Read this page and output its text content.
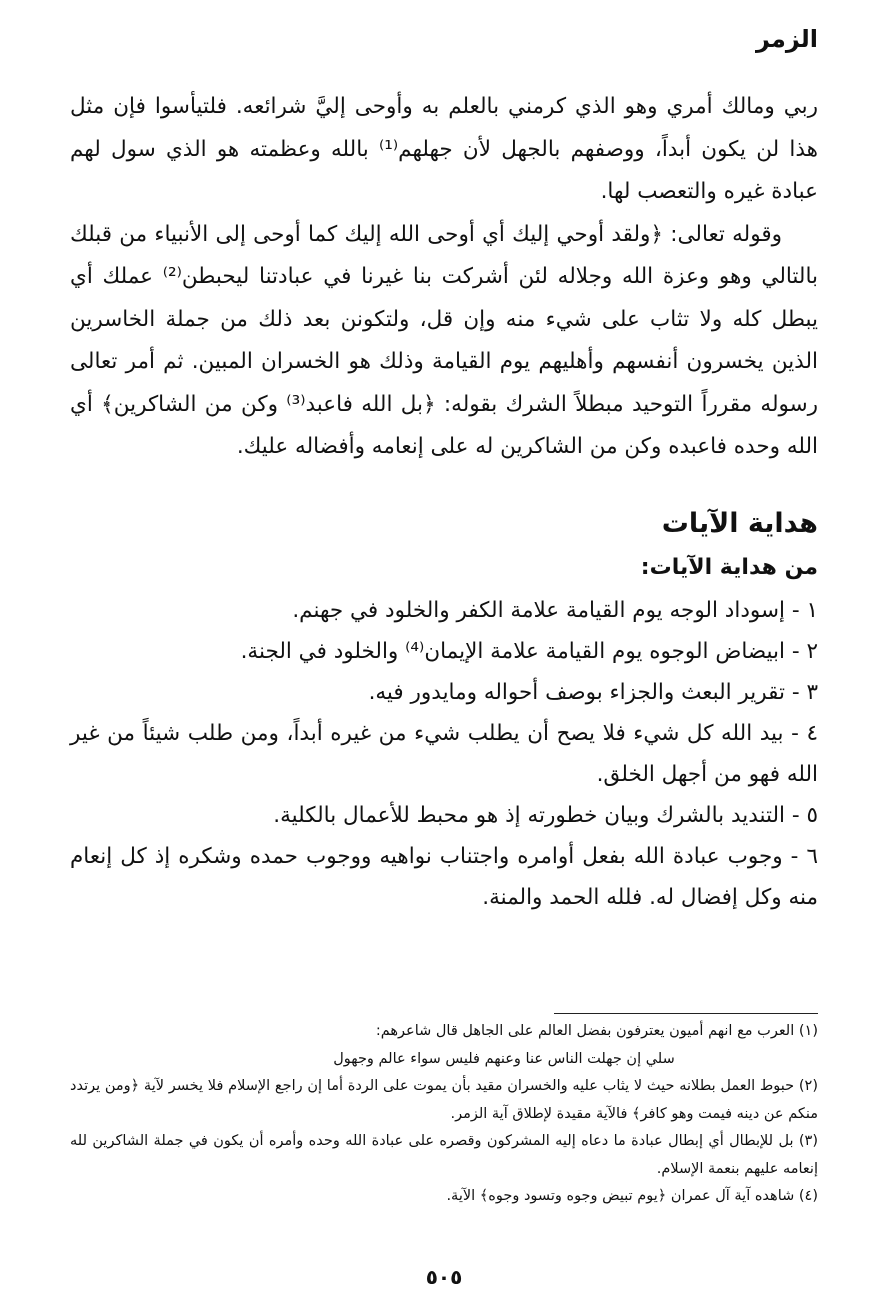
الزمر

ربي ومالك أمري وهو الذي كرمني بالعلم به وأوحى إليَّ شرائعه. فلتيأسوا فإن مثل هذا لن يكون أبداً، ووصفهم بالجهل لأن جهلهم⁽¹⁾ بالله وعظمته هو الذي سول لهم عبادة غيره والتعصب لها.

وقوله تعالى: ﴿ولقد أوحي إليك أي أوحى الله إليك كما أوحى إلى الأنبياء من قبلك بالتالي وهو وعزة الله وجلاله لئن أشركت بنا غيرنا في عبادتنا ليحبطن⁽²⁾ عملك أي يبطل كله ولا تثاب على شيء منه وإن قل، ولتكونن بعد ذلك من جملة الخاسرين الذين يخسرون أنفسهم وأهليهم يوم القيامة وذلك هو الخسران المبين. ثم أمر تعالى رسوله مقرراً التوحيد مبطلاً الشرك بقوله: ﴿بل الله فاعبد⁽³⁾ وكن من الشاكرين﴾ أي الله وحده فاعبده وكن من الشاكرين له على إنعامه وأفضاله عليك.

هداية الآيات
من هداية الآيات:

١ - إسوداد الوجه يوم القيامة علامة الكفر والخلود في جهنم.

٢ - ابيضاض الوجوه يوم القيامة علامة الإيمان⁽⁴⁾ والخلود في الجنة.

٣ - تقرير البعث والجزاء بوصف أحواله ومايدور فيه.

٤ - بيد الله كل شيء فلا يصح أن يطلب شيء من غيره أبداً، ومن طلب شيئاً من غير الله فهو من أجهل الخلق.

٥ - التنديد بالشرك وبيان خطورته إذ هو محبط للأعمال بالكلية.

٦ - وجوب عبادة الله بفعل أوامره واجتناب نواهيه ووجوب حمده وشكره إذ كل إنعام منه وكل إفضال له. فلله الحمد والمنة.

(١) العرب مع انهم أميون يعترفون بفضل العالم على الجاهل قال شاعرهم:

سلي إن جهلت الناس عنا وعنهم فليس سواء عالم وجهول

(٢) حبوط العمل بطلانه حيث لا يثاب عليه والخسران مقيد بأن يموت على الردة أما إن راجع الإسلام فلا يخسر لآية ﴿ومن يرتدد منكم عن دينه فيمت وهو كافر﴾ فالآية مقيدة لإطلاق آية الزمر.

(٣) بل للإبطال أي إبطال عبادة ما دعاه إليه المشركون وقصره على عبادة الله وحده وأمره أن يكون في جملة الشاكرين لله إنعامه عليهم بنعمة الإسلام.

(٤) شاهده آية آل عمران ﴿يوم تبيض وجوه وتسود وجوه﴾ الآية.

٥٠٥
